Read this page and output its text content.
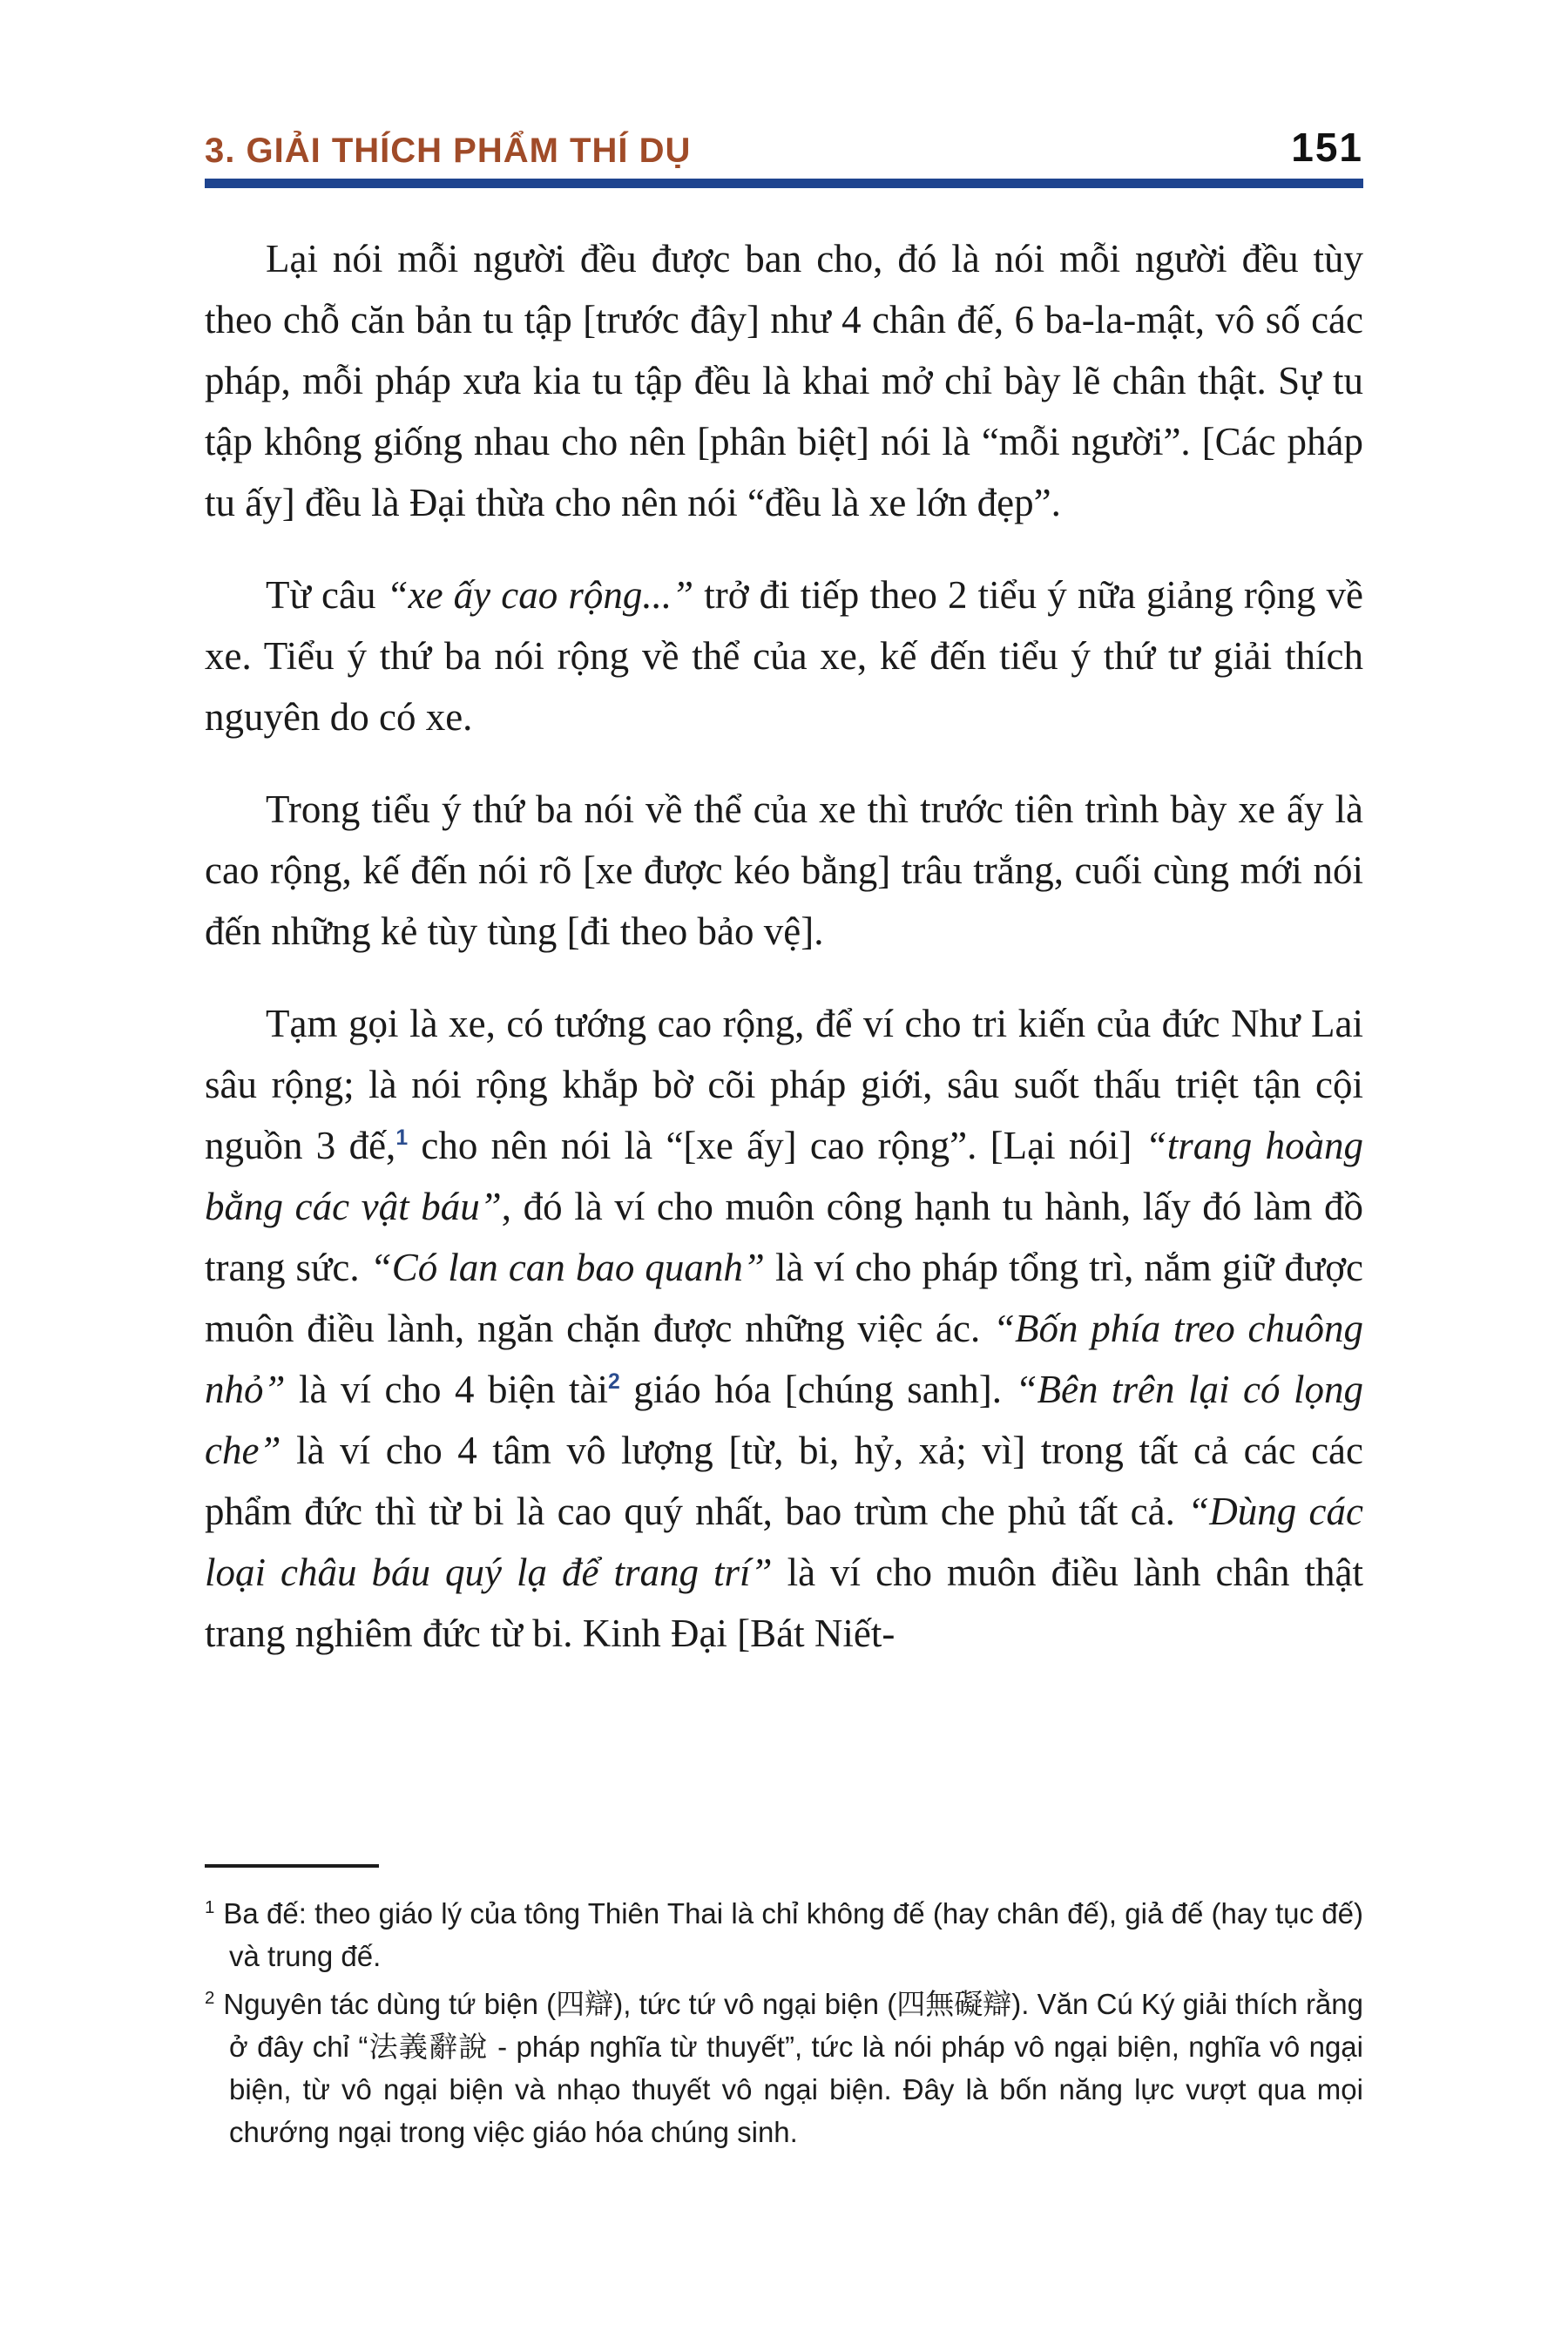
3. GIẢI THÍCH PHẨM THÍ DỤ	151

Lại nói mỗi người đều được ban cho, đó là nói mỗi người đều tùy theo chỗ căn bản tu tập [trước đây] như 4 chân đế, 6 ba-la-mật, vô số các pháp, mỗi pháp xưa kia tu tập đều là khai mở chỉ bày lẽ chân thật. Sự tu tập không giống nhau cho nên [phân biệt] nói là “mỗi người”. [Các pháp tu ấy] đều là Đại thừa cho nên nói “đều là xe lớn đẹp”.

Từ câu “xe ấy cao rộng...” trở đi tiếp theo 2 tiểu ý nữa giảng rộng về xe. Tiểu ý thứ ba nói rộng về thể của xe, kế đến tiểu ý thứ tư giải thích nguyên do có xe.

Trong tiểu ý thứ ba nói về thể của xe thì trước tiên trình bày xe ấy là cao rộng, kế đến nói rõ [xe được kéo bằng] trâu trắng, cuối cùng mới nói đến những kẻ tùy tùng [đi theo bảo vệ].

Tạm gọi là xe, có tướng cao rộng, để ví cho tri kiến của đức Như Lai sâu rộng; là nói rộng khắp bờ cõi pháp giới, sâu suốt thấu triệt tận cội nguồn 3 đế,$^1$ cho nên nói là “[xe ấy] cao rộng”. [Lại nói] “trang hoàng bằng các vật báu”, đó là ví cho muôn công hạnh tu hành, lấy đó làm đồ trang sức. “Có lan can bao quanh” là ví cho pháp tổng trì, nắm giữ được muôn điều lành, ngăn chặn được những việc ác. “Bốn phía treo chuông nhỏ” là ví cho 4 biện tài$^2$ giáo hóa [chúng sanh]. “Bên trên lại có lọng che” là ví cho 4 tâm vô lượng [từ, bi, hỷ, xả; vì] trong tất cả các các phẩm đức thì từ bi là cao quý nhất, bao trùm che phủ tất cả. “Dùng các loại châu báu quý lạ để trang trí” là ví cho muôn điều lành chân thật trang nghiêm đức từ bi. Kinh Đại [Bát Niết-

$^1$ Ba đế: theo giáo lý của tông Thiên Thai là chỉ không đế (hay chân đế), giả đế (hay tục đế) và trung đế.
$^2$ Nguyên tác dùng tứ biện (四辯), tức tứ vô ngại biện (四無礙辯). Văn Cú Ký giải thích rằng ở đây chỉ “法義辭說 - pháp nghĩa từ thuyết”, tức là nói pháp vô ngại biện, nghĩa vô ngại biện, từ vô ngại biện và nhạo thuyết vô ngại biện. Đây là bốn năng lực vượt qua mọi chướng ngại trong việc giáo hóa chúng sinh.
